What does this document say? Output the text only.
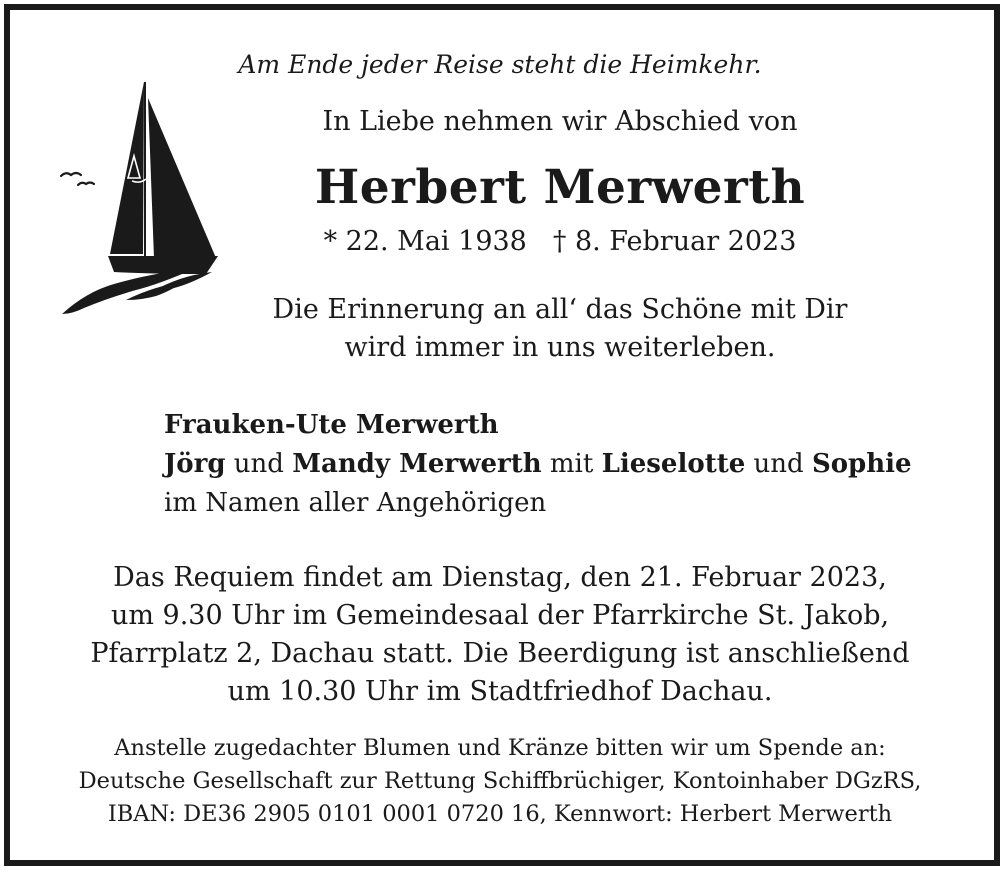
Am Ende jeder Reise steht die Heimkehr.
In Liebe nehmen wir Abschied von
Herbert Merwerth
* 22. Mai 1938 † 8. Februar 2023
Die Erinnerung an all‘ das Schöne mit Dir
wird immer in uns weiterleben.
Frauken-Ute Merwerth
Jörg und Mandy Merwerth mit Lieselotte und Sophie
im Namen aller Angehörigen
Das Requiem findet am Dienstag, den 21. Februar 2023,
um 9.30 Uhr im Gemeindesaal der Pfarrkirche St. Jakob,
Pfarrplatz 2, Dachau statt. Die Beerdigung ist anschließend
um 10.30 Uhr im Stadtfriedhof Dachau.
Anstelle zugedachter Blumen und Kränze bitten wir um Spende an:
Deutsche Gesellschaft zur Rettung Schiffbrüchiger, Kontoinhaber DGzRS,
IBAN: DE36 2905 0101 0001 0720 16, Kennwort: Herbert Merwerth
